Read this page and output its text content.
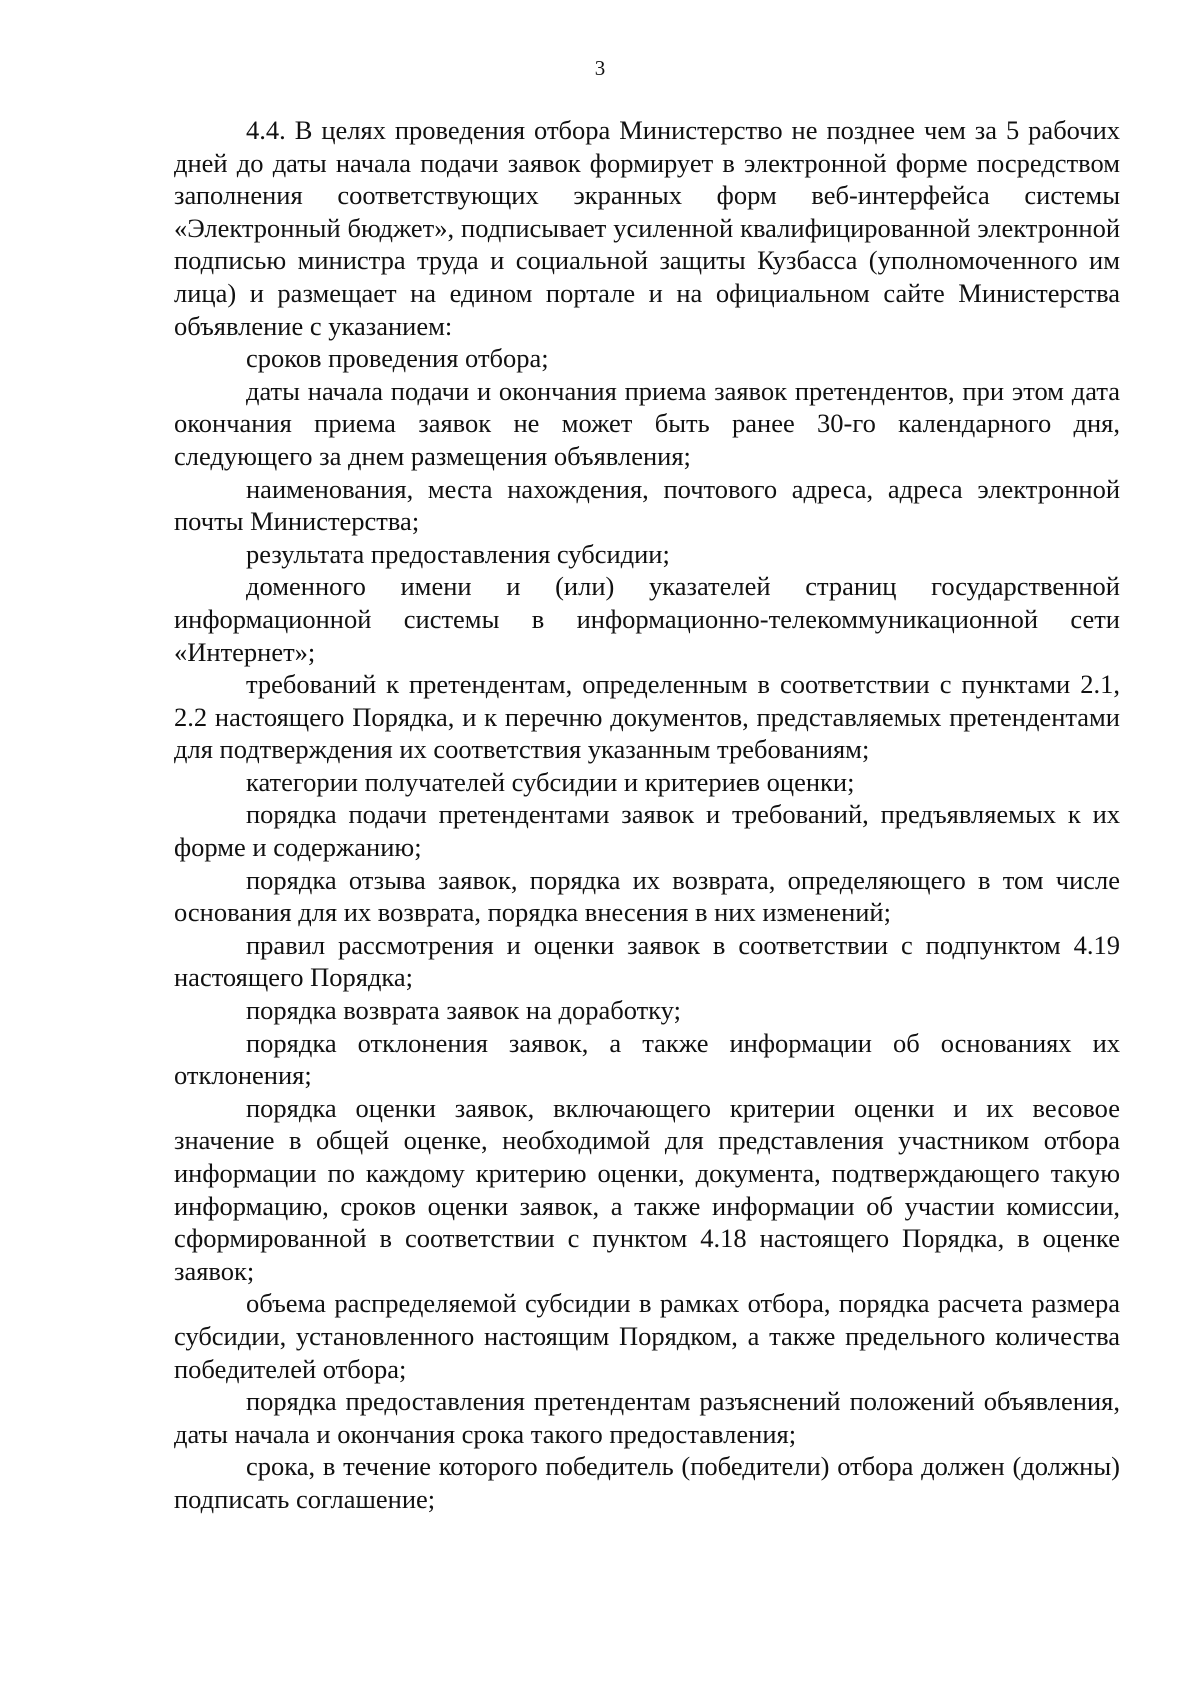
3

4.4. В целях проведения отбора Министерство не позднее чем за 5 рабочих дней до даты начала подачи заявок формирует в электронной форме посредством заполнения соответствующих экранных форм веб-интерфейса системы «Электронный бюджет», подписывает усиленной квалифицированной электронной подписью министра труда и социальной защиты Кузбасса (уполномоченного им лица) и размещает на едином портале и на официальном сайте Министерства объявление с указанием:

сроков проведения отбора;

даты начала подачи и окончания приема заявок претендентов, при этом дата окончания приема заявок не может быть ранее 30-го календарного дня, следующего за днем размещения объявления;

наименования, места нахождения, почтового адреса, адреса электронной почты Министерства;

результата предоставления субсидии;

доменного имени и (или) указателей страниц государственной информационной системы в информационно-телекоммуникационной сети «Интернет»;

требований к претендентам, определенным в соответствии с пунктами 2.1, 2.2 настоящего Порядка, и к перечню документов, представляемых претендентами для подтверждения их соответствия указанным требованиям;

категории получателей субсидии и критериев оценки;

порядка подачи претендентами заявок и требований, предъявляемых к их форме и содержанию;

порядка отзыва заявок, порядка их возврата, определяющего в том числе основания для их возврата, порядка внесения в них изменений;

правил рассмотрения и оценки заявок в соответствии с подпунктом 4.19 настоящего Порядка;

порядка возврата заявок на доработку;

порядка отклонения заявок, а также информации об основаниях их отклонения;

порядка оценки заявок, включающего критерии оценки и их весовое значение в общей оценке, необходимой для представления участником отбора информации по каждому критерию оценки, документа, подтверждающего такую информацию, сроков оценки заявок, а также информации об участии комиссии, сформированной в соответствии с пунктом 4.18 настоящего Порядка, в оценке заявок;

объема распределяемой субсидии в рамках отбора, порядка расчета размера субсидии, установленного настоящим Порядком, а также предельного количества победителей отбора;

порядка предоставления претендентам разъяснений положений объявления, даты начала и окончания срока такого предоставления;

срока, в течение которого победитель (победители) отбора должен (должны) подписать соглашение;
